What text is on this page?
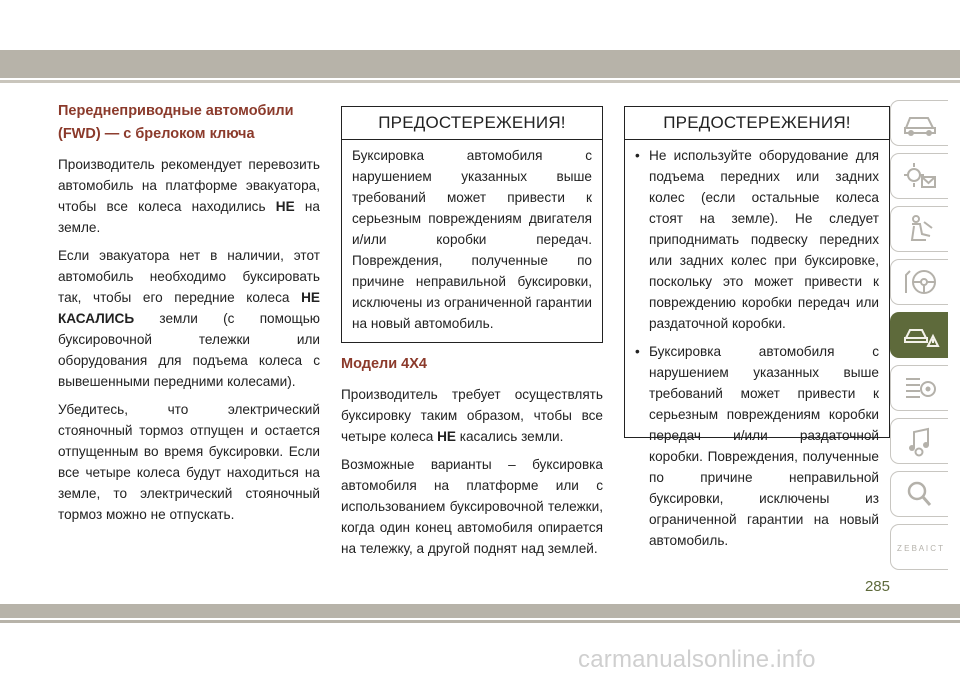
Переднеприводные автомобили
(FWD) — с брелоком ключа

Производитель рекомендует перевозить автомобиль на платформе эвакуатора, чтобы все колеса находились НЕ на земле.

Если эвакуатора нет в наличии, этот автомобиль необходимо буксировать так, чтобы его передние колеса НЕ КАСАЛИСЬ земли (с помощью буксировочной тележки или оборудования для подъема колеса с вывешенными передними колесами).

Убедитесь, что электрический стояночный тормоз отпущен и остается отпущенным во время буксировки. Если все четыре колеса будут находиться на земле, то электрический стояночный тормоз можно не отпускать.

ПРЕДОСТЕРЕЖЕНИЯ!
Буксировка автомобиля с нарушением указанных выше требований может привести к серьезным повреждениям двигателя и/или коробки передач. Повреждения, полученные по причине неправильной буксировки, исключены из ограниченной гарантии на новый автомобиль.
Модели 4X4

Производитель требует осуществлять буксировку таким образом, чтобы все четыре колеса НЕ касались земли.

Возможные варианты – буксировка автомобиля на платформе или с использованием буксировочной тележки, когда один конец автомобиля опирается на тележку, а другой поднят над землей.

ПРЕДОСТЕРЕЖЕНИЯ!

• Не используйте оборудование для подъема передних или задних колес (если остальные колеса стоят на земле). Не следует приподнимать подвеску передних или задних колес при буксировке, поскольку это может привести к повреждению коробки передач или раздаточной коробки.

• Буксировка автомобиля с нарушением указанных выше требований может привести к серьезным повреждениям коробки передач и/или раздаточной коробки. Повреждения, полученные по причине неправильной буксировки, исключены из ограниченной гарантии на новый автомобиль.

Z E B A I C T
285
carmanualsonline.info
